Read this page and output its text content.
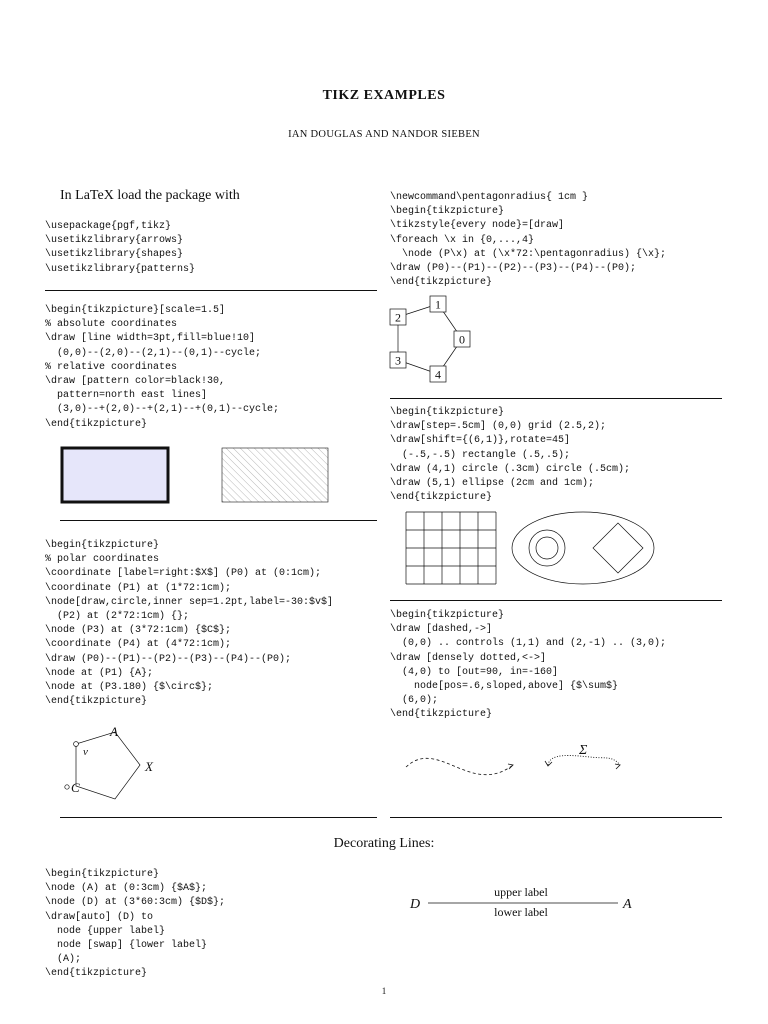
TIKZ EXAMPLES
IAN DOUGLAS AND NANDOR SIEBEN
In LaTeX load the package with
\usepackage{pgf,tikz}
\usetikzlibrary{arrows}
\usetikzlibrary{shapes}
\usetikzlibrary{patterns}
\begin{tikzpicture}[scale=1.5]
% absolute coordinates
\draw [line width=3pt,fill=blue!10]
(0,0)--(2,0)--(2,1)--(0,1)--cycle;
% relative coordinates
\draw [pattern color=black!30,
pattern=north east lines]
(3,0)--+(2,0)--+(2,1)--+(0,1)--cycle;
\end{tikzpicture}
\begin{tikzpicture}
% polar coordinates
\coordinate [label=right:$X$] (P0) at (0:1cm);
\coordinate (P1) at (1*72:1cm);
\node[draw,circle,inner sep=1.2pt,label=-30:$v$]
(P2) at (2*72:1cm) {};
\node (P3) at (3*72:1cm) {$C$};
\coordinate (P4) at (4*72:1cm);
\draw (P0)--(P1)--(P2)--(P3)--(P4)--(P0);
\node at (P1) {A};
\node at (P3.180) {$\circ$};
\end{tikzpicture}
A
X
v
C
\newcommand\pentagonradius{ 1cm }
\begin{tikzpicture}
\tikzstyle{every node}=[draw]
\foreach \x in {0,...,4}
\node (P\x) at (\x*72:\pentagonradius) {\x};
\draw (P0)--(P1)--(P2)--(P3)--(P4)--(P0);
\end{tikzpicture}
0
1
2
3
4
\begin{tikzpicture}
\draw[step=.5cm] (0,0) grid (2.5,2);
\draw[shift={(6,1)},rotate=45]
(-.5,-.5) rectangle (.5,.5);
\draw (4,1) circle (.3cm) circle (.5cm);
\draw (5,1) ellipse (2cm and 1cm);
\end{tikzpicture}
\begin{tikzpicture}
\draw [dashed,->]
(0,0) .. controls (1,1) and (2,-1) .. (3,0);
\draw [densely dotted,<->]
(4,0) to [out=90, in=-160]
node[pos=.6,sloped,above] {$\sum$}
(6,0);
\end{tikzpicture}
Σ
Decorating Lines:
\begin{tikzpicture}
\node (A) at (0:3cm) {$A$};
\node (D) at (3*60:3cm) {$D$};
\draw[auto] (D) to
node {upper label}
node [swap] {lower label}
(A);
\end{tikzpicture}
D	A
upper label
lower label
1
